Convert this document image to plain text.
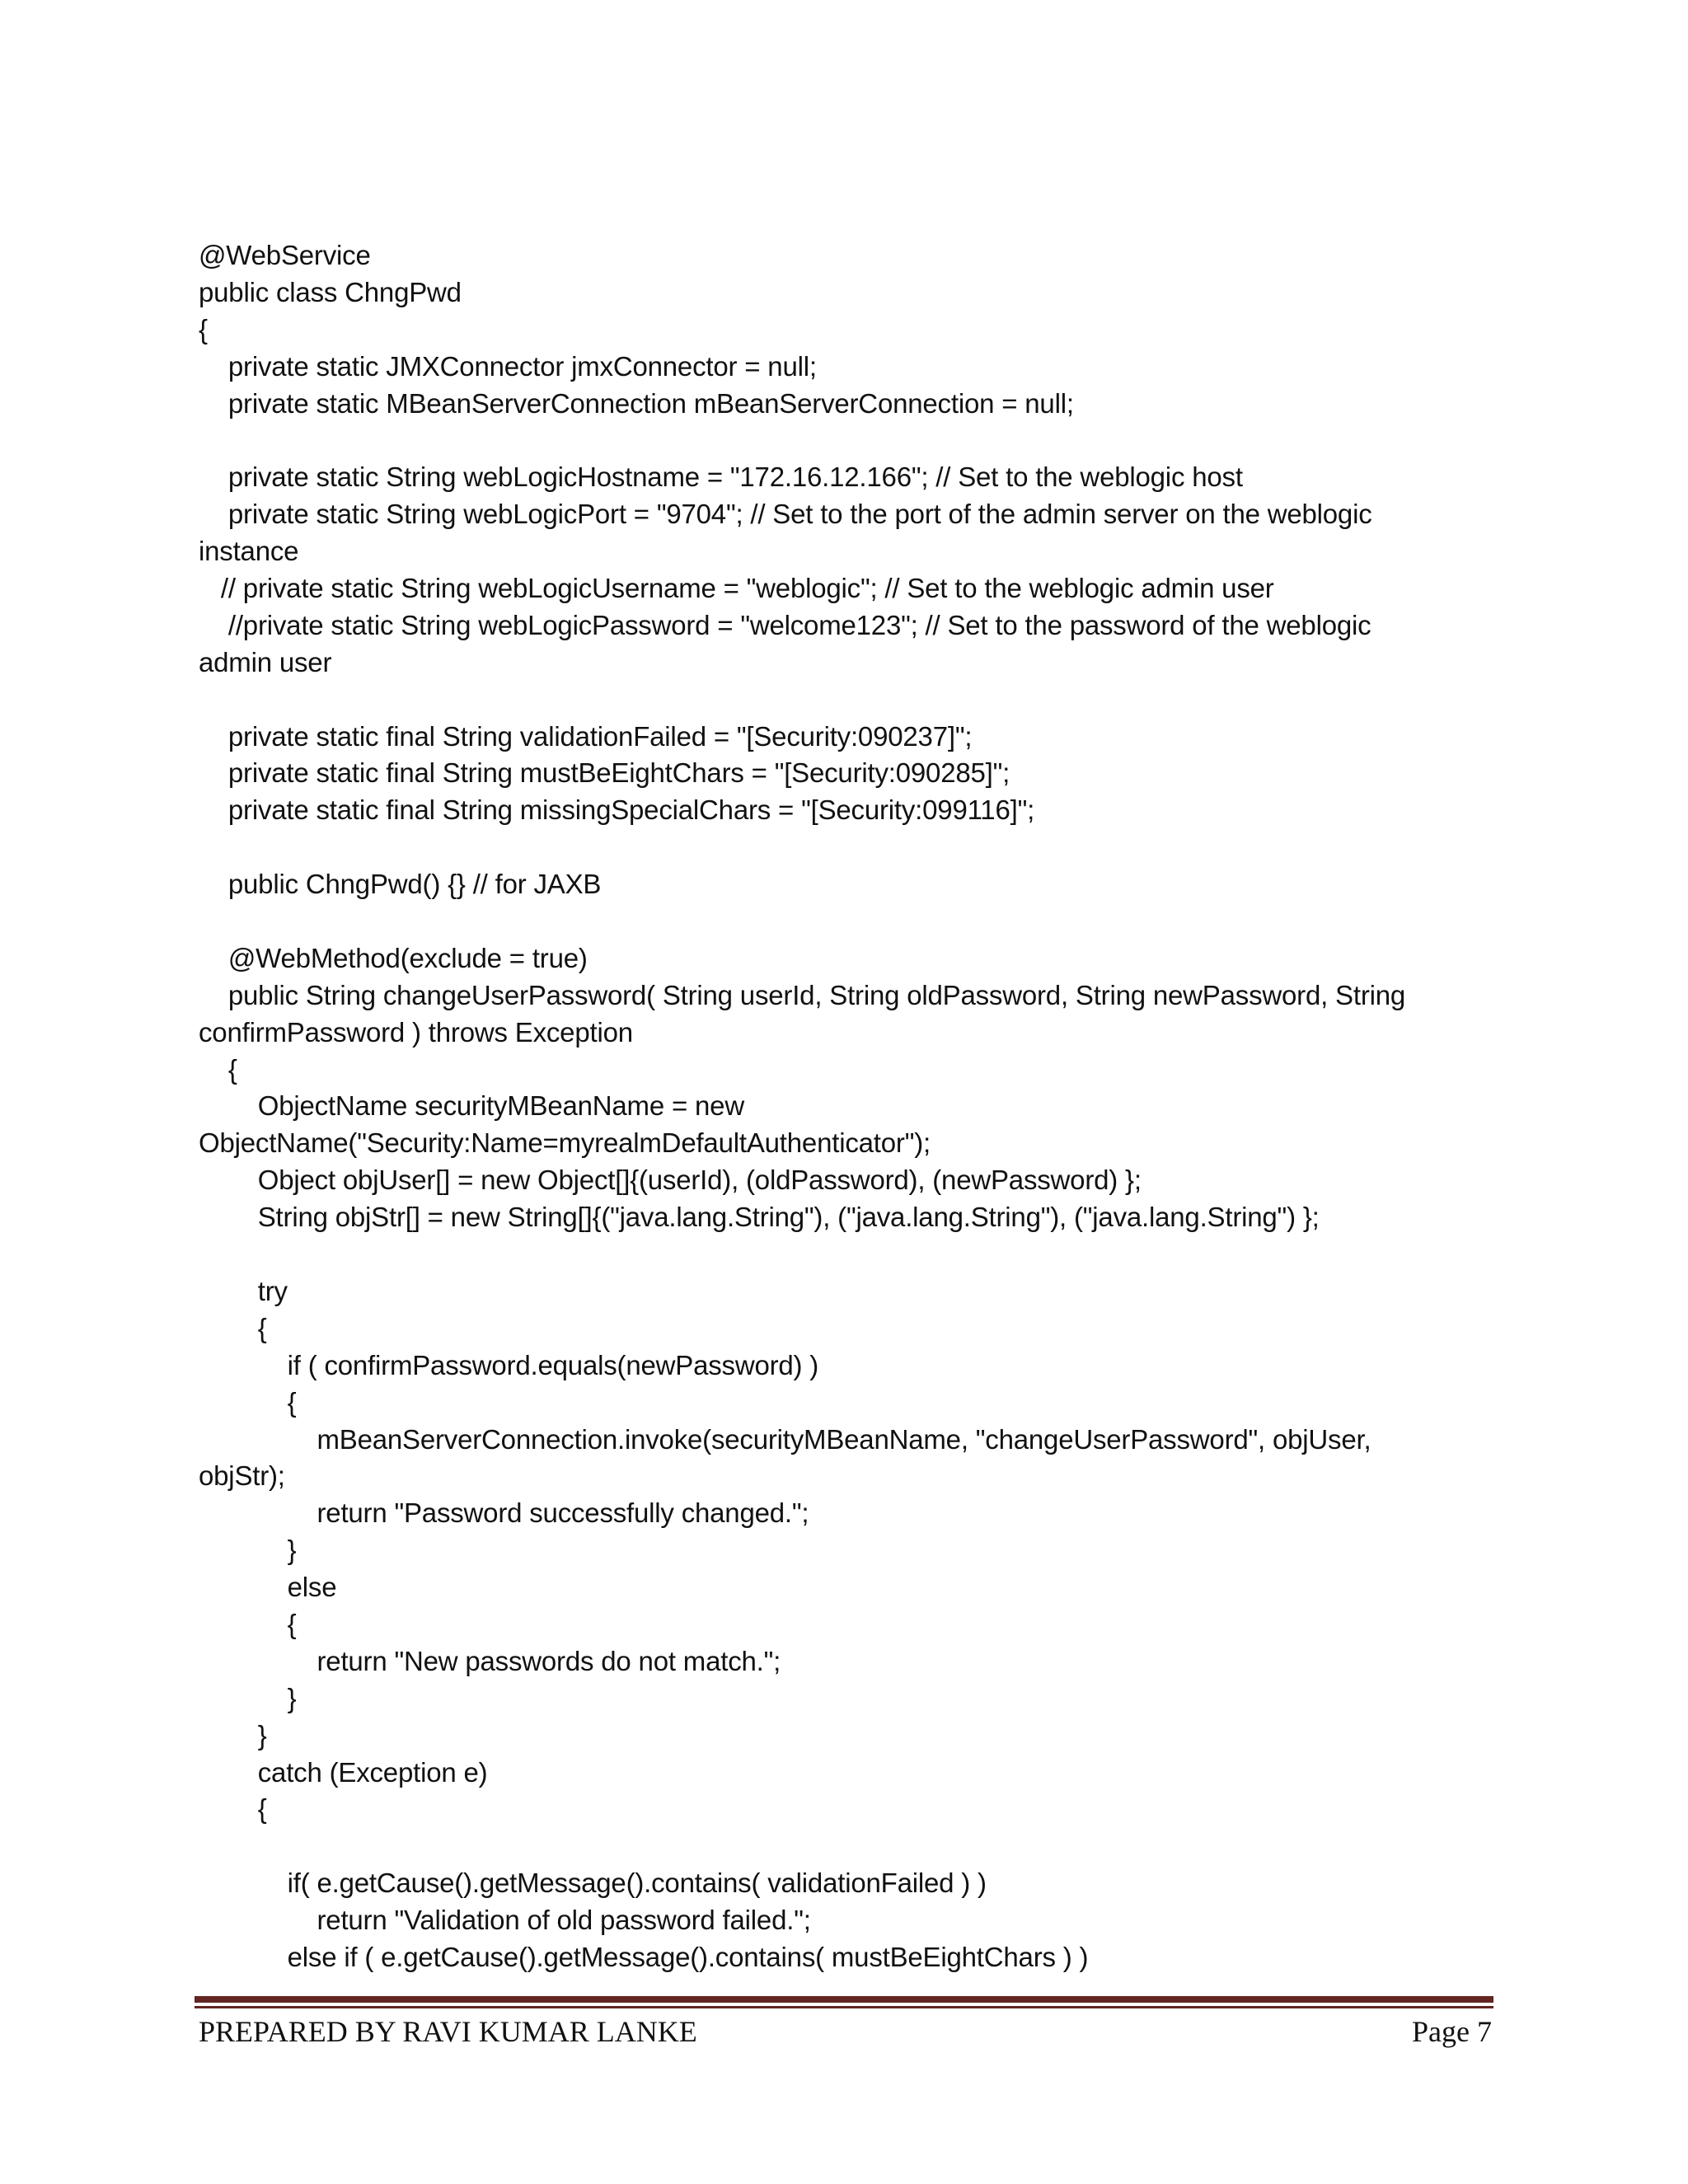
@WebService
public class ChngPwd
{
private static JMXConnector jmxConnector = null;
private static MBeanServerConnection mBeanServerConnection = null;
private static String webLogicHostname = "172.16.12.166"; // Set to the weblogic host
private static String webLogicPort = "9704"; // Set to the port of the admin server on the weblogic
instance
// private static String webLogicUsername = "weblogic"; // Set to the weblogic admin user
//private static String webLogicPassword = "welcome123"; // Set to the password of the weblogic
admin user
private static final String validationFailed = "[Security:090237]";
private static final String mustBeEightChars = "[Security:090285]";
private static final String missingSpecialChars = "[Security:099116]";
public ChngPwd() {} // for JAXB
@WebMethod(exclude = true)
public String changeUserPassword( String userId, String oldPassword, String newPassword, String
confirmPassword ) throws Exception
{
ObjectName securityMBeanName = new
ObjectName("Security:Name=myrealmDefaultAuthenticator");
Object objUser[] = new Object[]{(userId), (oldPassword), (newPassword) };
String objStr[] = new String[]{("java.lang.String"), ("java.lang.String"), ("java.lang.String") };
try
{
if ( confirmPassword.equals(newPassword) )
{
mBeanServerConnection.invoke(securityMBeanName, "changeUserPassword", objUser,
objStr);
return "Password successfully changed.";
}
else
{
return "New passwords do not match.";
}
}
catch (Exception e)
{
if( e.getCause().getMessage().contains( validationFailed ) )
return "Validation of old password failed.";
else if ( e.getCause().getMessage().contains( mustBeEightChars ) )
PREPARED BY RAVI KUMAR LANKE	Page 7
